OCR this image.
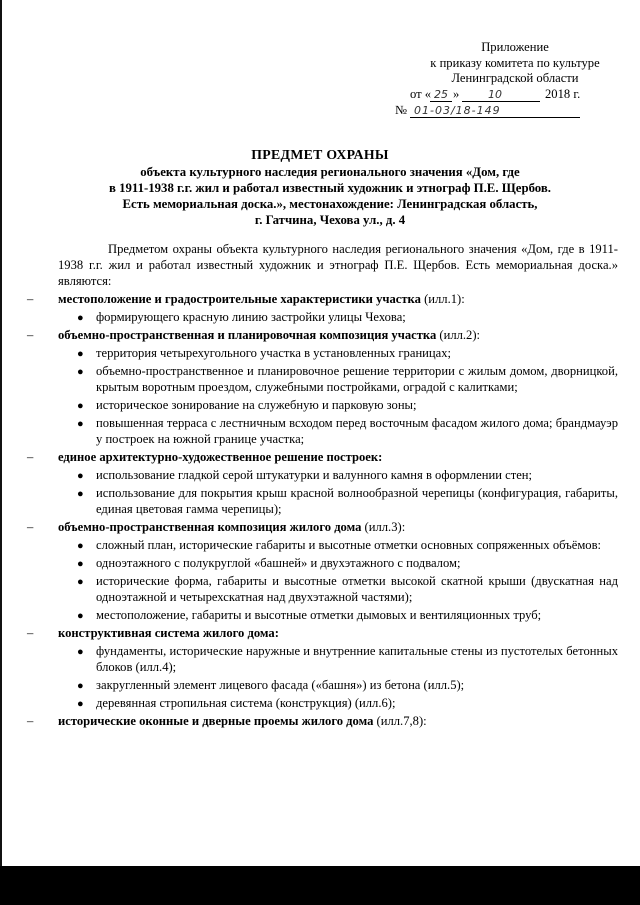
Приложение
к приказу комитета по культуре
Ленинградской области
от « 25 »	10	2018 г.
№ 01-03/18-149
ПРЕДМЕТ ОХРАНЫ
объекта культурного наследия регионального значения «Дом, где
в 1911-1938 г.г. жил и работал известный художник и этнограф П.Е. Щербов.
Есть мемориальная доска.», местонахождение: Ленинградская область,
г. Гатчина, Чехова ул., д. 4
Предметом охраны объекта культурного наследия регионального значения «Дом, где в 1911-1938 г.г. жил и работал известный художник и этнограф П.Е. Щербов. Есть мемориальная доска.» являются:
– местоположение и градостроительные характеристики участка (илл.1):
● формирующего красную линию застройки улицы Чехова;
– объемно-пространственная и планировочная композиция участка (илл.2):
● территория четырехугольного участка в установленных границах;
● объемно-пространственное и планировочное решение территории с жилым домом, дворницкой, крытым воротным проездом, служебными постройками, оградой с калитками;
● историческое зонирование на служебную и парковую зоны;
● повышенная терраса с лестничным всходом перед восточным фасадом жилого дома; брандмауэр у построек на южной границе участка;
– единое архитектурно-художественное решение построек:
● использование гладкой серой штукатурки и валунного камня в оформлении стен;
● использование для покрытия крыш красной волнообразной черепицы (конфигурация, габариты, единая цветовая гамма черепицы);
– объемно-пространственная композиция жилого дома (илл.3):
● сложный план, исторические габариты и высотные отметки основных сопряженных объёмов:
● одноэтажного с полукруглой «башней» и двухэтажного с подвалом;
● исторические форма, габариты и высотные отметки высокой скатной крыши (двускатная над одноэтажной и четырехскатная над двухэтажной частями);
● местоположение, габариты и высотные отметки дымовых и вентиляционных труб;
– конструктивная система жилого дома:
● фундаменты, исторические наружные и внутренние капитальные стены из пустотелых бетонных блоков (илл.4);
● закругленный элемент лицевого фасада («башня») из бетона (илл.5);
● деревянная стропильная система (конструкция) (илл.6);
– исторические оконные и дверные проемы жилого дома (илл.7,8):
